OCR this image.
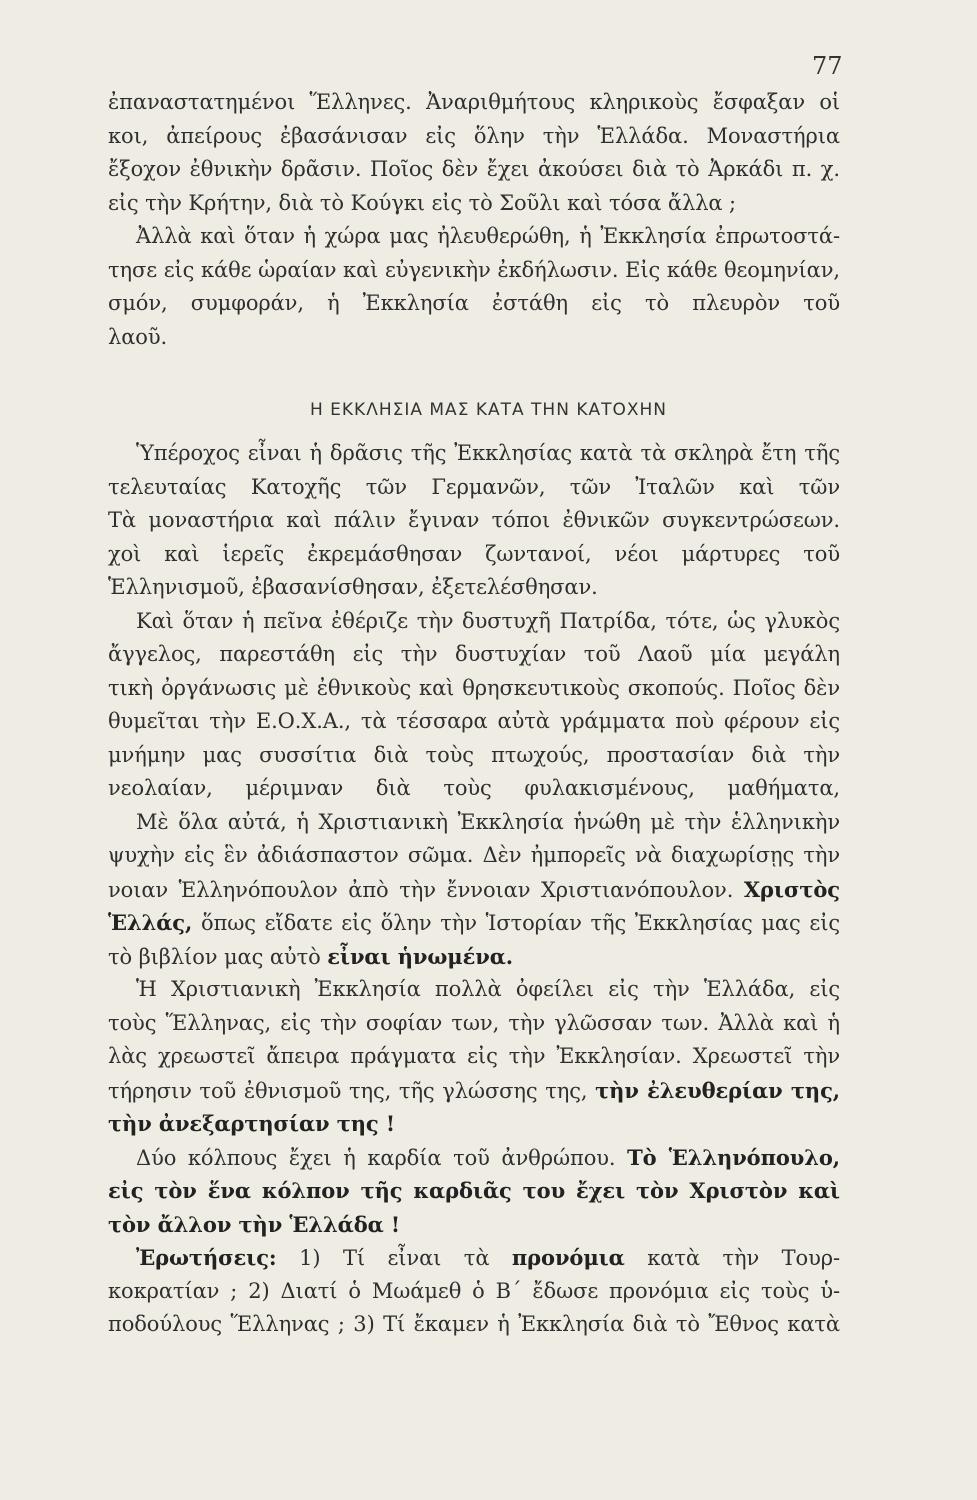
77
ἐπαναστατημένοι Ἕλληνες. Ἀναριθμήτους κληρικοὺς ἔσφαξαν οἱ
κοι, ἀπείρους ἐβασάνισαν εἰς ὅλην τὴν Ἑλλάδα. Μοναστήρια
ἔξοχον ἐθνικὴν δρᾶσιν. Ποῖος δὲν ἔχει ἀκούσει διὰ τὸ Ἀρκάδι π. χ.
εἰς τὴν Κρήτην, διὰ τὸ Κούγκι εἰς τὸ Σοῦλι καὶ τόσα ἄλλα ;
Ἀλλὰ καὶ ὅταν ἡ χώρα μας ἠλευθερώθη, ἡ Ἐκκλησία ἐπρωτοστά-
τησε εἰς κάθε ὡραίαν καὶ εὐγενικὴν ἐκδήλωσιν. Εἰς κάθε θεομηνίαν,
σμόν, συμφοράν, ἡ Ἐκκλησία ἐστάθη εἰς τὸ πλευρὸν τοῦ
λαοῦ.
Η ΕΚΚΛΗΣΙΑ ΜΑΣ ΚΑΤΑ ΤΗΝ ΚΑΤΟΧΗΝ
Ὑπέροχος εἶναι ἡ δρᾶσις τῆς Ἐκκλησίας κατὰ τὰ σκληρὰ ἔτη τῆς
τελευταίας Κατοχῆς τῶν Γερμανῶν, τῶν Ἰταλῶν καὶ τῶν
Τὰ μοναστήρια καὶ πάλιν ἔγιναν τόποι ἐθνικῶν συγκεντρώσεων.
χοὶ καὶ ἱερεῖς ἐκρεμάσθησαν ζωντανοί, νέοι μάρτυρες τοῦ
Ἑλληνισμοῦ, ἐβασανίσθησαν, ἐξετελέσθησαν.
Καὶ ὅταν ἡ πεῖνα ἐθέριζε τὴν δυστυχῆ Πατρίδα, τότε, ὡς γλυκὸς
ἄγγελος, παρεστάθη εἰς τὴν δυστυχίαν τοῦ Λαοῦ μία μεγάλη
τικὴ ὀργάνωσις μὲ ἐθνικοὺς καὶ θρησκευτικοὺς σκοπούς. Ποῖος δὲν
θυμεῖται τὴν Ε.Ο.Χ.Α., τὰ τέσσαρα αὐτὰ γράμματα ποὺ φέρουν εἰς
μνήμην μας συσσίτια διὰ τοὺς πτωχούς, προστασίαν διὰ τὴν
νεολαίαν, μέριμναν διὰ τοὺς φυλακισμένους, μαθήματα,
Μὲ ὅλα αὐτά, ἡ Χριστιανικὴ Ἐκκλησία ἡνώθη μὲ τὴν ἑλληνικὴν
ψυχὴν εἰς ἓν ἀδιάσπαστον σῶμα. Δὲν ἠμπορεῖς νὰ διαχωρίσῃς τὴν
νοιαν Ἑλληνόπουλον ἀπὸ τὴν ἔννοιαν Χριστιανόπουλον. Χριστὸς
Ἑλλάς, ὅπως εἴδατε εἰς ὅλην τὴν Ἱστορίαν τῆς Ἐκκλησίας μας εἰς
τὸ βιβλίον μας αὐτὸ εἶναι ἡνωμένα.
Ἡ Χριστιανικὴ Ἐκκλησία πολλὰ ὀφείλει εἰς τὴν Ἑλλάδα, εἰς
τοὺς Ἕλληνας, εἰς τὴν σοφίαν των, τὴν γλῶσσαν των. Ἀλλὰ καὶ ἡ
λὰς χρεωστεῖ ἄπειρα πράγματα εἰς τὴν Ἐκκλησίαν. Χρεωστεῖ τὴν
τήρησιν τοῦ ἐθνισμοῦ της, τῆς γλώσσης της, τὴν ἐλευθερίαν της,
τὴν ἀνεξαρτησίαν της !
Δύο κόλπους ἔχει ἡ καρδία τοῦ ἀνθρώπου. Τὸ Ἑλληνόπουλο,
εἰς τὸν ἕνα κόλπον τῆς καρδιᾶς του ἔχει τὸν Χριστὸν καὶ
τὸν ἄλλον τὴν Ἑλλάδα !
Ἐρωτήσεις: 1) Τί εἶναι τὰ προνόμια κατὰ τὴν Τουρ-
κοκρατίαν ; 2) Διατί ὁ Μωάμεθ ὁ Β΄ ἔδωσε προνόμια εἰς τοὺς ὑ-
ποδούλους Ἕλληνας ; 3) Τί ἔκαμεν ἡ Ἐκκλησία διὰ τὸ Ἔθνος κατὰ
